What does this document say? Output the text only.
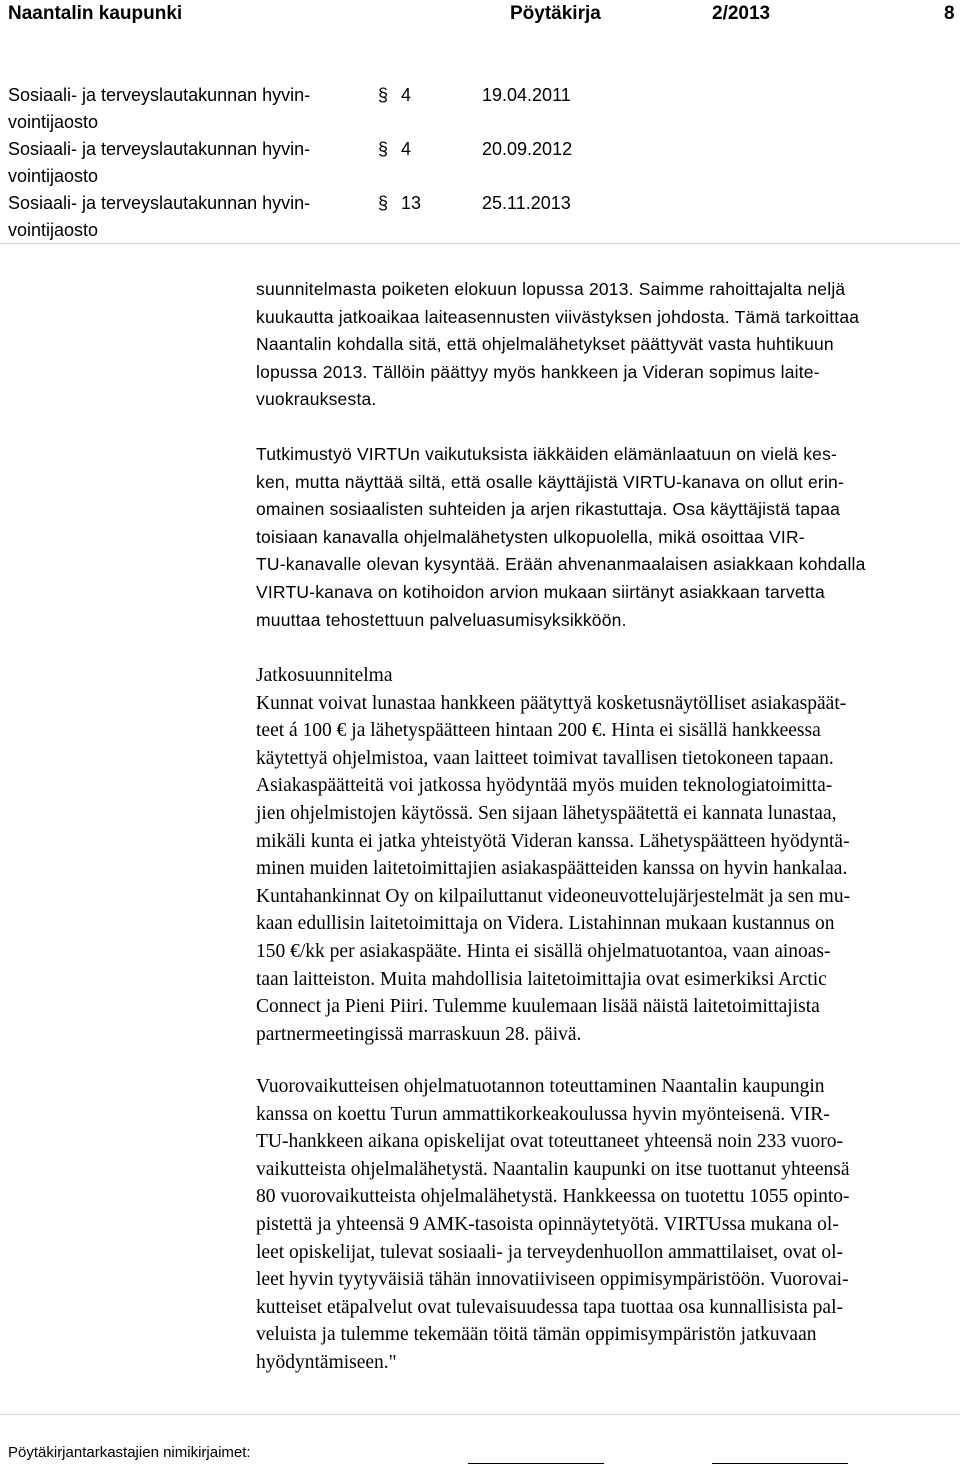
Naantalin kaupunki	Pöytäkirja	2/2013	8
Sosiaali- ja terveyslautakunnan hyvin-
vointijaosto
§ 4	19.04.2011
Sosiaali- ja terveyslautakunnan hyvin-
vointijaosto
§ 4	20.09.2012
Sosiaali- ja terveyslautakunnan hyvin-
vointijaosto
§ 13	25.11.2013
suunnitelmasta poiketen elokuun lopussa 2013. Saimme rahoittajalta neljä
kuukautta jatkoaikaa laiteasennusten viivästyksen johdosta. Tämä tarkoittaa
Naantalin kohdalla sitä, että ohjelmalähetykset päättyvät vasta huhtikuun
lopussa 2013. Tällöin päättyy myös hankkeen ja Videran sopimus laite-
vuokrauksesta.
Tutkimustyö VIRTUn vaikutuksista iäkkäiden elämänlaatuun on vielä kes-
ken, mutta näyttää siltä, että osalle käyttäjistä VIRTU-kanava on ollut erin-
omainen sosiaalisten suhteiden ja arjen rikastuttaja. Osa käyttäjistä tapaa
toisiaan kanavalla ohjelmalähetysten ulkopuolella, mikä osoittaa VIR-
TU-kanavalle olevan kysyntää. Erään ahvenanmaalaisen asiakkaan kohdalla
VIRTU-kanava on kotihoidon arvion mukaan siirtänyt asiakkaan tarvetta
muuttaa tehostettuun palveluasumisyksikköön.
Jatkosuunnitelma
Kunnat voivat lunastaa hankkeen päätyttyä kosketusnäytölliset asiakaspäät-
teet á 100 € ja lähetyspäätteen hintaan 200 €. Hinta ei sisällä hankkeessa
käytettyä ohjelmistoa, vaan laitteet toimivat tavallisen tietokoneen tapaan.
Asiakaspäätteitä voi jatkossa hyödyntää myös muiden teknologiatoimitta-
jien ohjelmistojen käytössä. Sen sijaan lähetyspäätettä ei kannata lunastaa,
mikäli kunta ei jatka yhteistyötä Videran kanssa. Lähetyspäätteen hyödyntä-
minen muiden laitetoimittajien asiakaspäätteiden kanssa on hyvin hankalaa.
Kuntahankinnat Oy on kilpailuttanut videoneuvottelujärjestelmät ja sen mu-
kaan edullisin laitetoimittaja on Videra. Listahinnan mukaan kustannus on
150 €/kk per asiakaspääte. Hinta ei sisällä ohjelmatuotantoa, vaan ainoas-
taan laitteiston. Muita mahdollisia laitetoimittajia ovat esimerkiksi Arctic
Connect ja Pieni Piiri. Tulemme kuulemaan lisää näistä laitetoimittajista
partnermeetingissä marraskuun 28. päivä.
Vuorovaikutteisen ohjelmatuotannon toteuttaminen Naantalin kaupungin
kanssa on koettu Turun ammattikorkeakoulussa hyvin myönteisenä. VIR-
TU-hankkeen aikana opiskelijat ovat toteuttaneet yhteensä noin 233 vuoro-
vaikutteista ohjelmalähetystä. Naantalin kaupunki on itse tuottanut yhteensä
80 vuorovaikutteista ohjelmalähetystä. Hankkeessa on tuotettu 1055 opinto-
pistettä ja yhteensä 9 AMK-tasoista opinnäytetyötä. VIRTUssa mukana ol-
leet opiskelijat, tulevat sosiaali- ja terveydenhuollon ammattilaiset, ovat ol-
leet hyvin tyytyväisiä tähän innovatiiviseen oppimisympäristöön. Vuorovai-
kutteiset etäpalvelut ovat tulevaisuudessa tapa tuottaa osa kunnallisista pal-
veluista ja tulemme tekemään töitä tämän oppimisympäristön jatkuvaan
hyödyntämiseen."
Pöytäkirjantarkastajien nimikirjaimet:
